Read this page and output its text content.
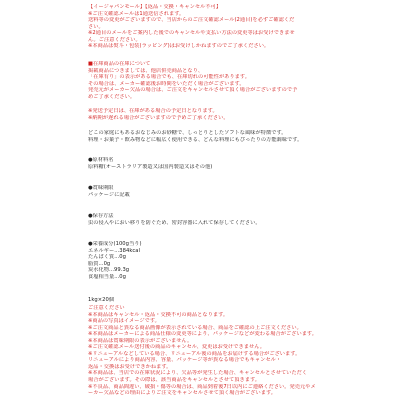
【イージャパンモール】【返品・交換・キャンセル不可】
※ご注文確認メールは1通送信されます。
送料等の変更がございますので、当店からのご注文確認メール(2通目)を必ずご確認くだ
さい。
※2通目のメールをご案内した後でのキャンセルや支払い方法の変更等はお受けできませ
ん。ご注意ください。
※本商品は熨斗・包装(ラッピング)はお受けしかねますのでご了承ください。
■在庫商品の在庫について
掲載商品につきましては、他店併売商品となり、
「在庫有り」の表示がある場合でも、在庫切れの可能性があります。
その場合は、メーカー確認後お時間をいただく場合がございます。
発売元がメーカー欠品の場合は、ご注文をキャンセルさせて頂く場合がございますので予
めご了承ください。
※発送予定日は、在庫がある場合の予定日となります。
※納期が遅れる場合がございますので予めご了承ください。
どこの家庭にもあるおなじみのお砂糖で、しっとりとしたソフトな風味が特徴です。
料理・お菓子・飲み物などに幅広く使用できる、どんな料理にもぴったりの万能調味です。
●原材料名
原料糖(オーストラリア製造又は国内製造又はその他)
●賞味期限
パッケージに記載
●保存方法
虫の侵入やにおい移りを防ぐため、密封容器に入れて保存してください。
●栄養成分(100g当り)
エネルギー...384kcal
たんぱく質...0g
脂質...0g
炭水化物...99.3g
食塩相当量...0g
1kg×20個
ご注意ください
※本商品はキャンセル・返品・交換不可の商品となります。
※商品の写真はイメージです。
※ご注文商品と異なる商品画像が表示されている場合、商品をご確認の上ご注文ください。
※本商品はメーカーによる商品仕様の変更等により、パッケージなどが変わる場合がございます。
※本商品は賞味期限の表示がございません。
※ご注文確認メール送付後の商品のキャンセル、変更はお受けできません。
※リニューアルなどしている場合、リニューアル後の商品をお届けする場合がございます。
リニューアルにより商品内容、容量、パッケージ等が異なる場合でもキャンセル・
返品・交換はお受けできかねます。
※本商品は、当店での在庫状況により、欠品等が発生した場合、キャンセルとさせていただく
場合がございます。その際は、該当商品をキャンセルとさせて頂きます。
※不良品、商品間違い、破損・傷等の場合は、商品到着後7日以内にご連絡ください。発売元やメ
ーカー欠品などの理由によりご注文をキャンセルさせて頂く場合がございます。
